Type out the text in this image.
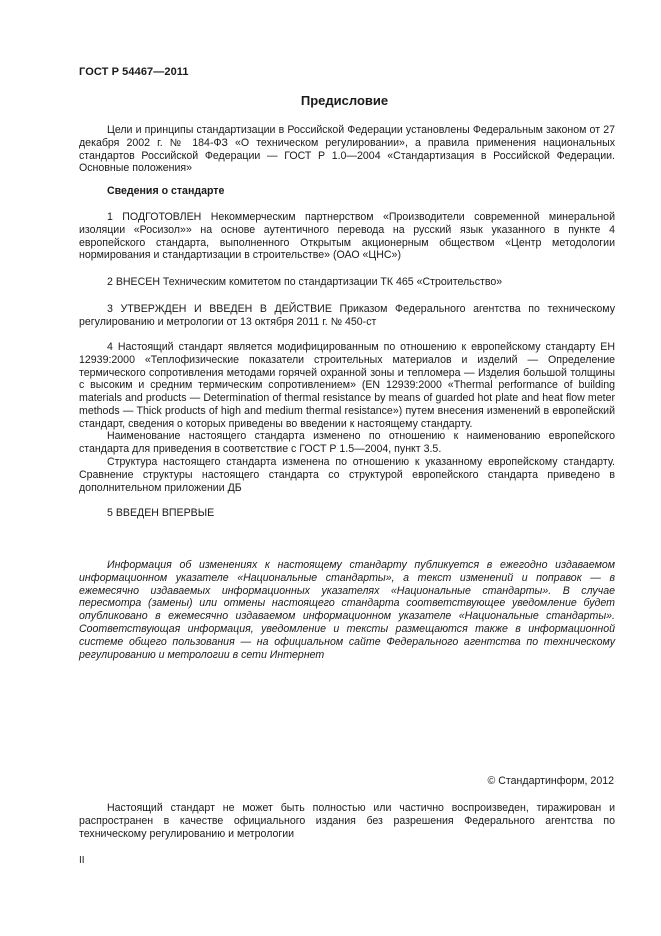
ГОСТ Р 54467—2011
Предисловие

Цели и принципы стандартизации в Российской Федерации установлены Федеральным законом от 27 декабря 2002 г. № 184-ФЗ «О техническом регулировании», а правила применения национальных стандартов Российской Федерации — ГОСТ Р 1.0—2004 «Стандартизация в Российской Федерации. Основные положения»

Сведения о стандарте

1 ПОДГОТОВЛЕН Некоммерческим партнерством «Производители современной минеральной изоляции «Росизол»» на основе аутентичного перевода на русский язык указанного в пункте 4 европейского стандарта, выполненного Открытым акционерным обществом «Центр методологии нормирования и стандартизации в строительстве» (ОАО «ЦНС»)

2 ВНЕСЕН Техническим комитетом по стандартизации ТК 465 «Строительство»

3 УТВЕРЖДЕН И ВВЕДЕН В ДЕЙСТВИЕ Приказом Федерального агентства по техническому регулированию и метрологии от 13 октября 2011 г. № 450-ст

4 Настоящий стандарт является модифицированным по отношению к европейскому стандарту ЕН 12939:2000 «Теплофизические показатели строительных материалов и изделий — Определение термического сопротивления методами горячей охранной зоны и тепломера — Изделия большой толщины с высоким и средним термическим сопротивлением» (EN 12939:2000 «Thermal performance of building materials and products — Determination of thermal resistance by means of guarded hot plate and heat flow meter methods — Thick products of high and medium thermal resistance») путем внесения изменений в европейский стандарт, сведения о которых приведены во введении к настоящему стандарту.

Наименование настоящего стандарта изменено по отношению к наименованию европейского стандарта для приведения в соответствие с ГОСТ Р 1.5—2004, пункт 3.5.

Структура настоящего стандарта изменена по отношению к указанному европейскому стандарту. Сравнение структуры настоящего стандарта со структурой европейского стандарта приведено в дополнительном приложении ДБ

5 ВВЕДЕН ВПЕРВЫЕ

Информация об изменениях к настоящему стандарту публикуется в ежегодно издаваемом информационном указателе «Национальные стандарты», а текст изменений и поправок — в ежемесячно издаваемых информационных указателях «Национальные стандарты». В случае пересмотра (замены) или отмены настоящего стандарта соответствующее уведомление будет опубликовано в ежемесячно издаваемом информационном указателе «Национальные стандарты». Соответствующая информация, уведомление и тексты размещаются также в информационной системе общего пользования — на официальном сайте Федерального агентства по техническому регулированию и метрологии в сети Интернет

© Стандартинформ, 2012

Настоящий стандарт не может быть полностью или частично воспроизведен, тиражирован и распространен в качестве официального издания без разрешения Федерального агентства по техническому регулированию и метрологии

II
